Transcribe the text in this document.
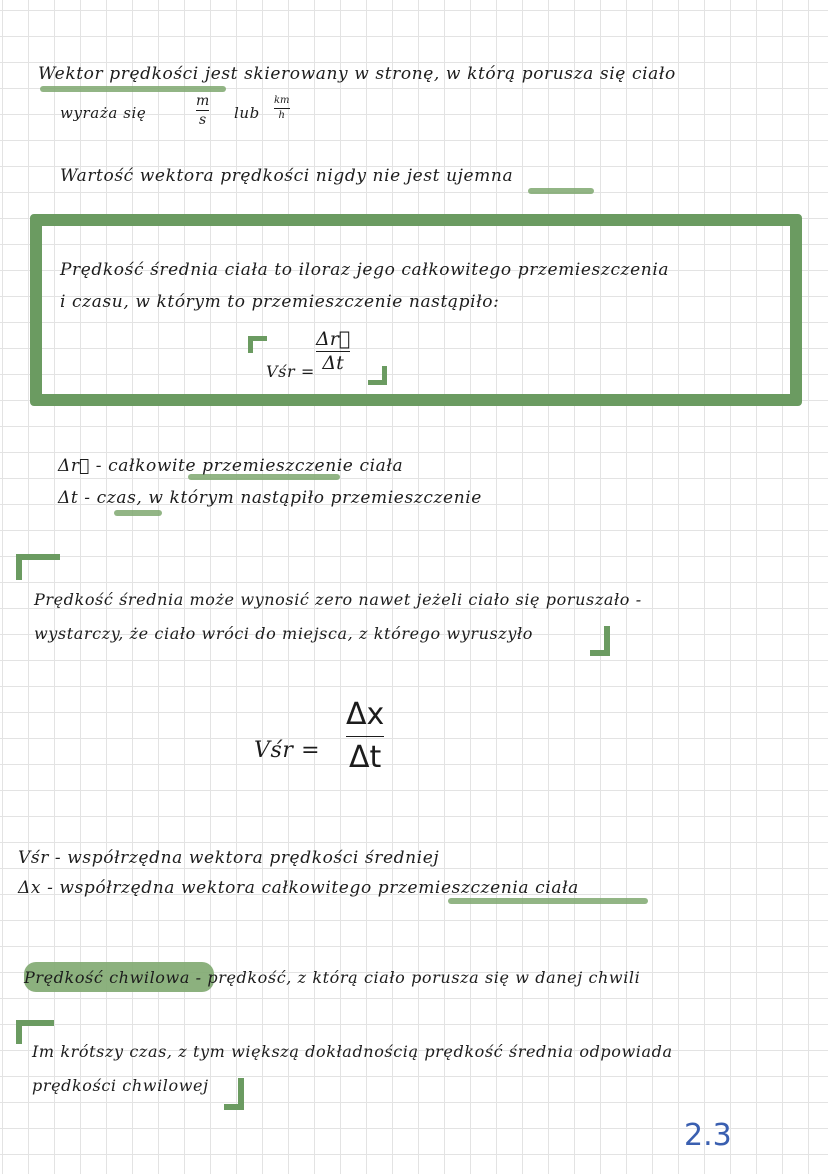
Wektor prędkości jest skierowany w stronę, w którą porusza się ciało
wyraża się
m
s lub
km
h
Wartość wektora prędkości nigdy nie jest ujemna
Prędkość średnia ciała to iloraz jego całkowitego przemieszczenia
i czasu, w którym to przemieszczenie nastąpiło:
Vśr =
Δr⃗
Δt
Δr⃗ - całkowite przemieszczenie ciała
Δt - czas, w którym nastąpiło przemieszczenie
Prędkość średnia może wynosić zero nawet jeżeli ciało się poruszało -
wystarczy, że ciało wróci do miejsca, z którego wyruszyło
Vśr =
Δx
Δt
Vśr - współrzędna wektora prędkości średniej
Δx - współrzędna wektora całkowitego przemieszczenia ciała
Prędkość chwilowa - prędkość, z którą ciało porusza się w danej chwili
Im krótszy czas, z tym większą dokładnością prędkość średnia odpowiada
prędkości chwilowej
2.3
